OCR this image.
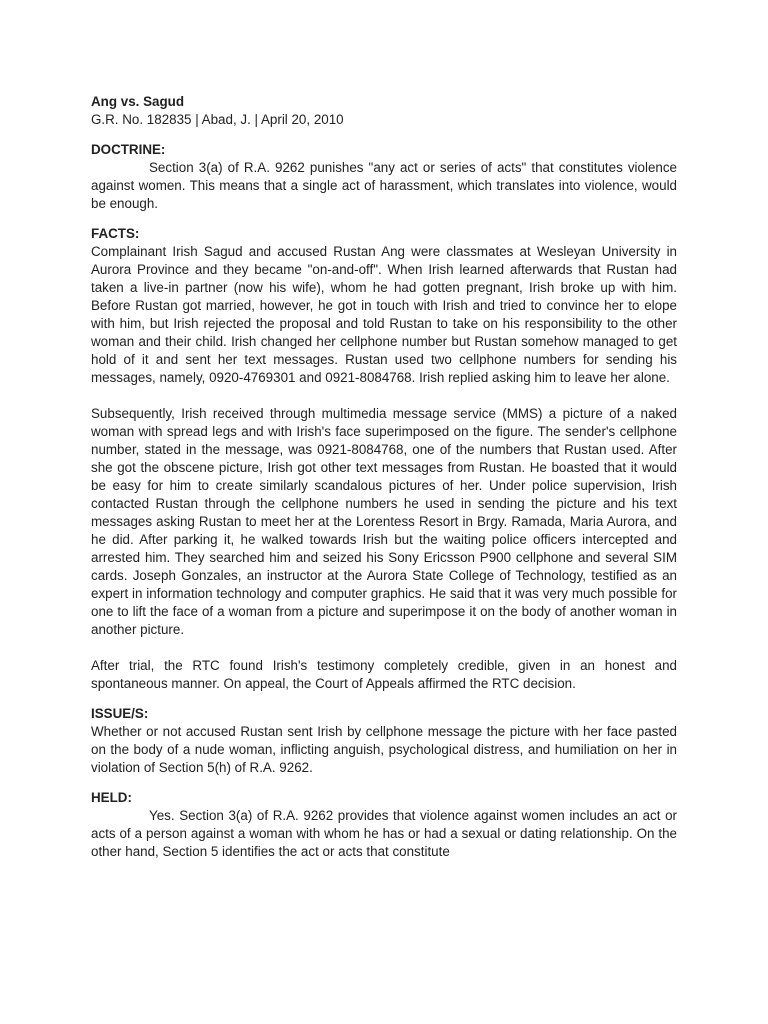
Ang vs. Sagud
G.R. No. 182835 | Abad, J. | April 20, 2010
DOCTRINE:

Section 3(a) of R.A. 9262 punishes "any act or series of acts" that constitutes violence against women. This means that a single act of harassment, which translates into violence, would be enough.

FACTS:

Complainant Irish Sagud and accused Rustan Ang were classmates at Wesleyan University in Aurora Province and they became "on-and-off". When Irish learned afterwards that Rustan had taken a live-in partner (now his wife), whom he had gotten pregnant, Irish broke up with him. Before Rustan got married, however, he got in touch with Irish and tried to convince her to elope with him, but Irish rejected the proposal and told Rustan to take on his responsibility to the other woman and their child. Irish changed her cellphone number but Rustan somehow managed to get hold of it and sent her text messages. Rustan used two cellphone numbers for sending his messages, namely, 0920-4769301 and 0921-8084768. Irish replied asking him to leave her alone.

Subsequently, Irish received through multimedia message service (MMS) a picture of a naked woman with spread legs and with Irish's face superimposed on the figure. The sender's cellphone number, stated in the message, was 0921-8084768, one of the numbers that Rustan used. After she got the obscene picture, Irish got other text messages from Rustan. He boasted that it would be easy for him to create similarly scandalous pictures of her. Under police supervision, Irish contacted Rustan through the cellphone numbers he used in sending the picture and his text messages asking Rustan to meet her at the Lorentess Resort in Brgy. Ramada, Maria Aurora, and he did. After parking it, he walked towards Irish but the waiting police officers intercepted and arrested him. They searched him and seized his Sony Ericsson P900 cellphone and several SIM cards. Joseph Gonzales, an instructor at the Aurora State College of Technology, testified as an expert in information technology and computer graphics. He said that it was very much possible for one to lift the face of a woman from a picture and superimpose it on the body of another woman in another picture.

After trial, the RTC found Irish's testimony completely credible, given in an honest and spontaneous manner. On appeal, the Court of Appeals affirmed the RTC decision.

ISSUE/S:

Whether or not accused Rustan sent Irish by cellphone message the picture with her face pasted on the body of a nude woman, inflicting anguish, psychological distress, and humiliation on her in violation of Section 5(h) of R.A. 9262.

HELD:

Yes. Section 3(a) of R.A. 9262 provides that violence against women includes an act or acts of a person against a woman with whom he has or had a sexual or dating relationship. On the other hand, Section 5 identifies the act or acts that constitute
